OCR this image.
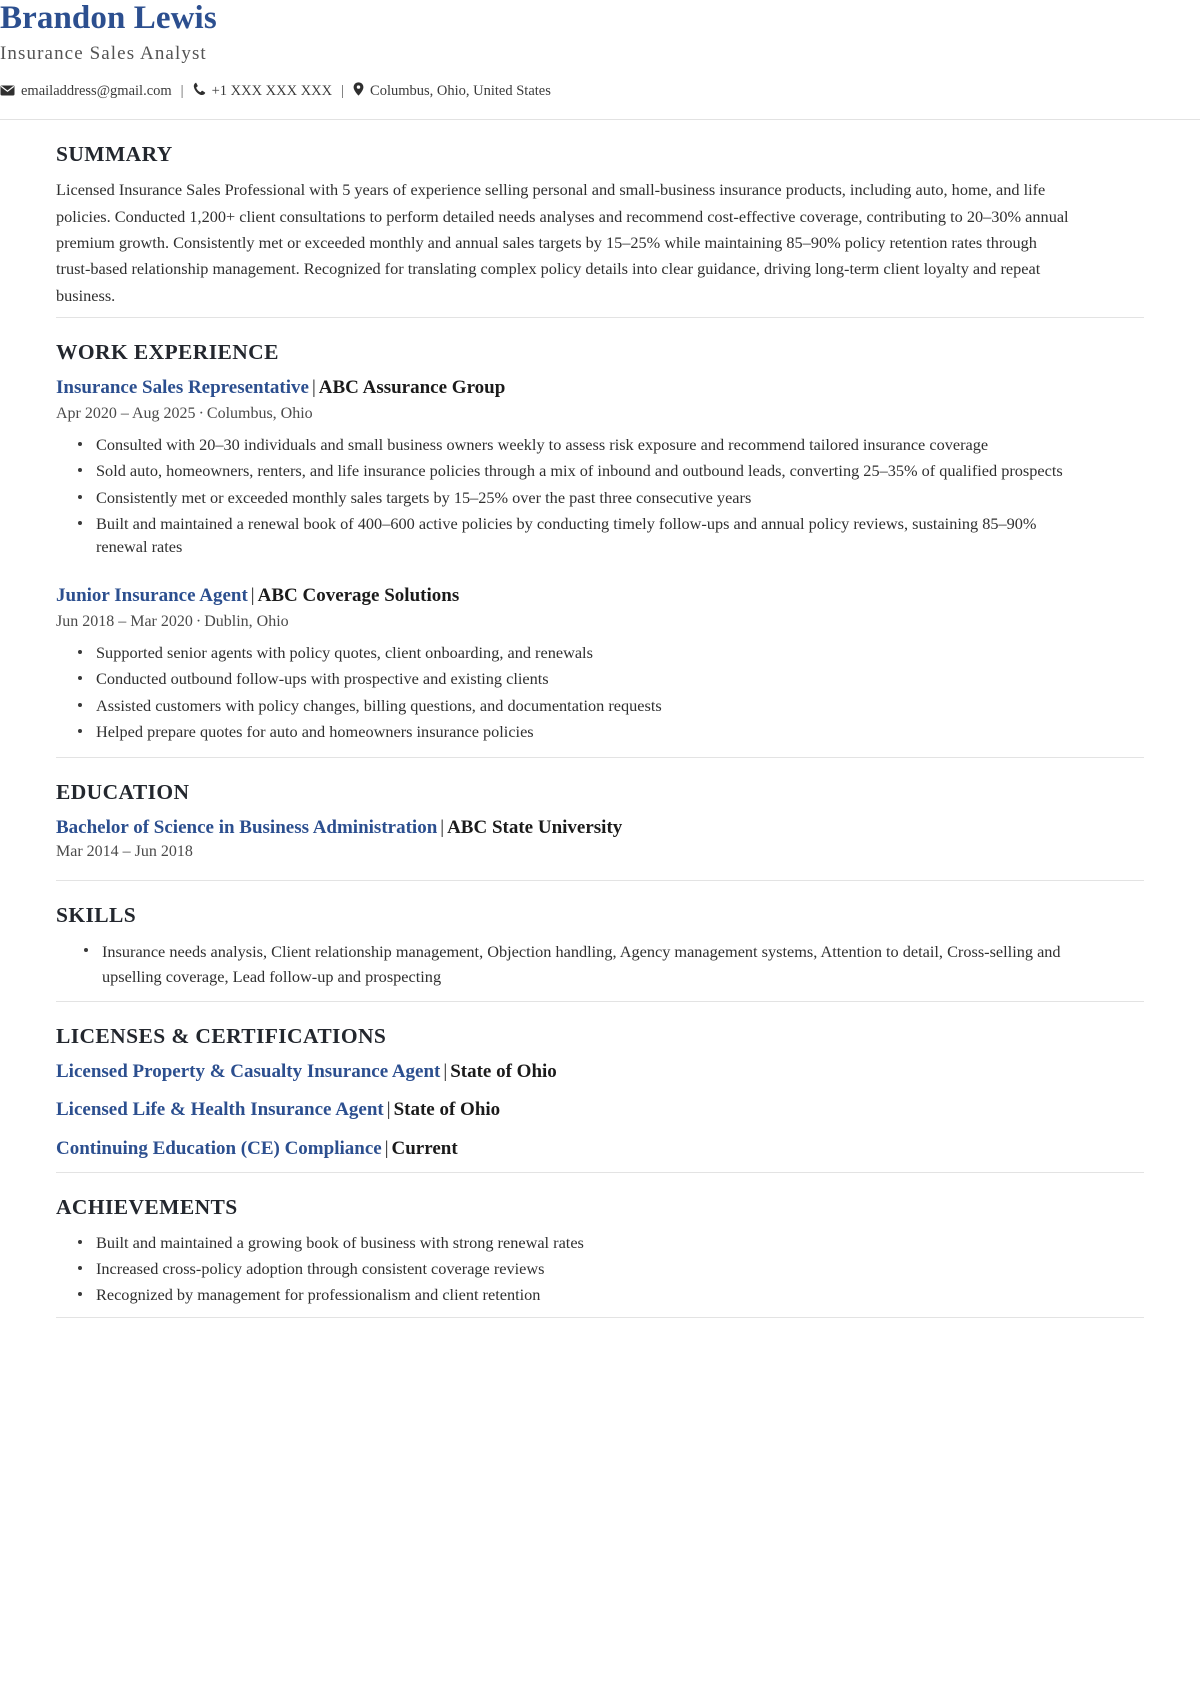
Brandon Lewis
Insurance Sales Analyst
emailaddress@gmail.com |	+1 XXX XXX XXX |	Columbus, Ohio, United States
SUMMARY

Licensed Insurance Sales Professional with 5 years of experience selling personal and small-business insurance products, including auto, home, and life policies. Conducted 1,200+ client consultations to perform detailed needs analyses and recommend cost-effective coverage, contributing to 20–30% annual premium growth. Consistently met or exceeded monthly and annual sales targets by 15–25% while maintaining 85–90% policy retention rates through trust-based relationship management. Recognized for translating complex policy details into clear guidance, driving long-term client loyalty and repeat business.

WORK EXPERIENCE
Insurance Sales Representative | ABC Assurance Group
Apr 2020 – Aug 2025 · Columbus, Ohio
Consulted with 20–30 individuals and small business owners weekly to assess risk exposure and recommend tailored insurance coverage
Sold auto, homeowners, renters, and life insurance policies through a mix of inbound and outbound leads, converting 25–35% of qualified prospects
Consistently met or exceeded monthly sales targets by 15–25% over the past three consecutive years
Built and maintained a renewal book of 400–600 active policies by conducting timely follow-ups and annual policy reviews, sustaining 85–90% renewal rates
Junior Insurance Agent | ABC Coverage Solutions
Jun 2018 – Mar 2020 · Dublin, Ohio
Supported senior agents with policy quotes, client onboarding, and renewals
Conducted outbound follow-ups with prospective and existing clients
Assisted customers with policy changes, billing questions, and documentation requests
Helped prepare quotes for auto and homeowners insurance policies
EDUCATION
Bachelor of Science in Business Administration | ABC State University
Mar 2014 – Jun 2018
SKILLS
Insurance needs analysis, Client relationship management, Objection handling, Agency management systems, Attention to detail, Cross-selling and upselling coverage, Lead follow-up and prospecting
LICENSES & CERTIFICATIONS
Licensed Property & Casualty Insurance Agent | State of Ohio
Licensed Life & Health Insurance Agent | State of Ohio
Continuing Education (CE) Compliance | Current
ACHIEVEMENTS
Built and maintained a growing book of business with strong renewal rates
Increased cross-policy adoption through consistent coverage reviews
Recognized by management for professionalism and client retention
